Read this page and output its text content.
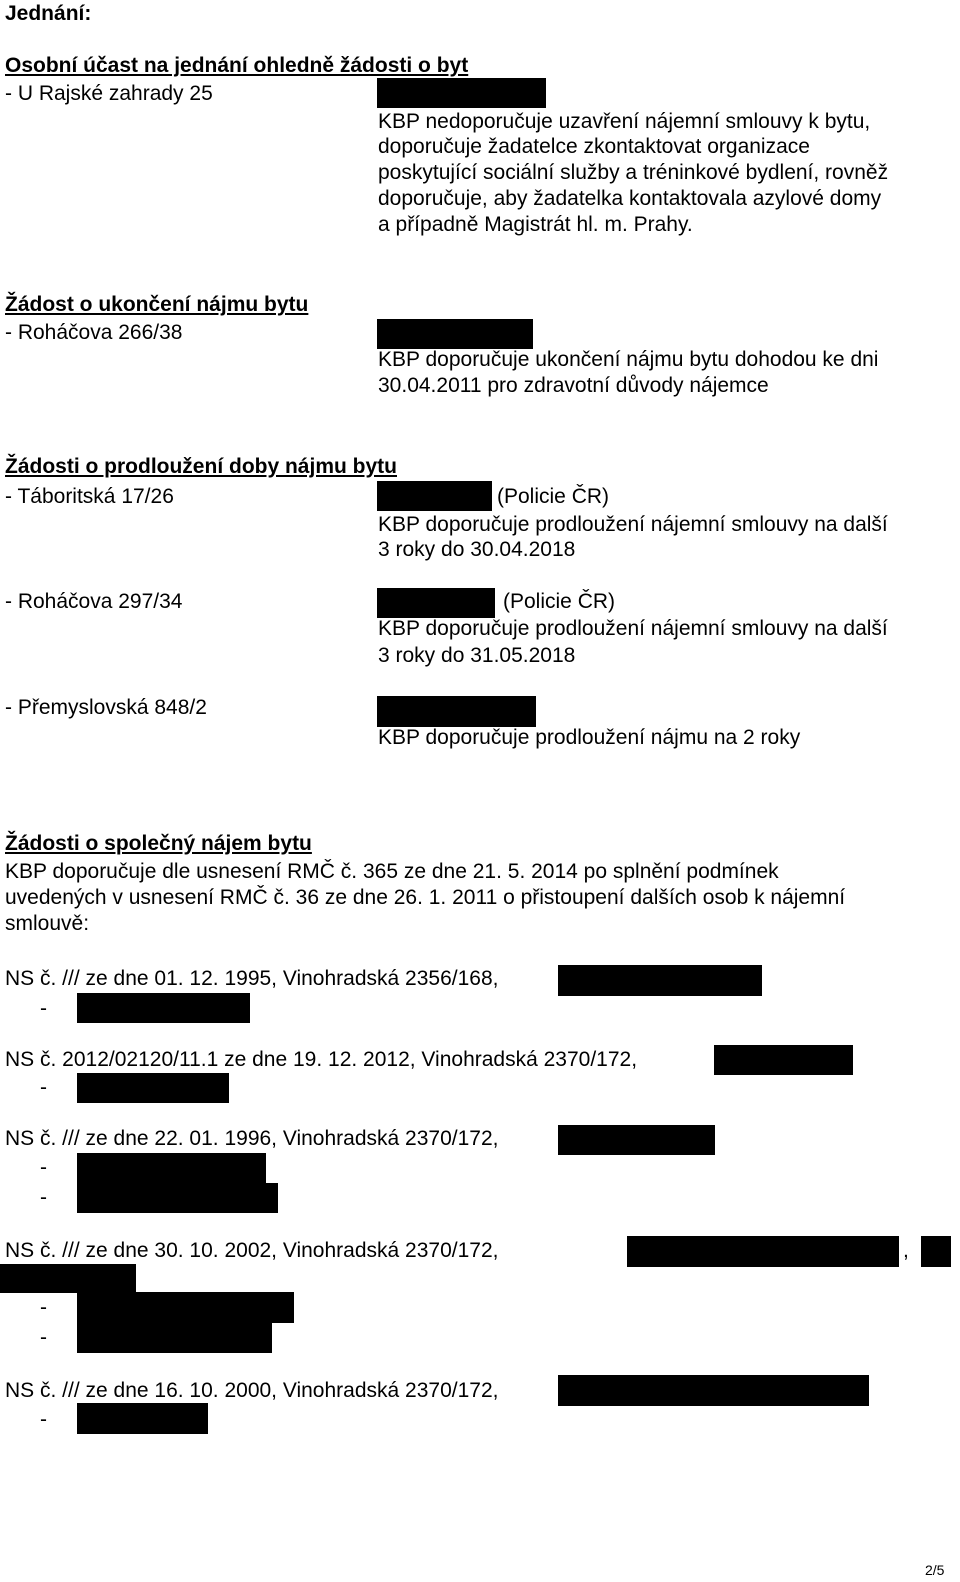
Jednání:
Osobní účast na jednání ohledně žádosti o byt
- U Rajské zahrady 25
KBP nedoporučuje uzavření nájemní smlouvy k bytu,
doporučuje žadatelce zkontaktovat organizace
poskytující sociální služby a tréninkové bydlení, rovněž
doporučuje, aby žadatelka kontaktovala azylové domy
a případně Magistrát hl. m. Prahy.
Žádost o ukončení nájmu bytu
- Roháčova 266/38
KBP doporučuje ukončení nájmu bytu dohodou ke dni
30.04.2011 pro zdravotní důvody nájemce
Žádosti o prodloužení doby nájmu bytu
- Táboritská 17/26	(Policie ČR)
KBP doporučuje prodloužení nájemní smlouvy na další
3 roky do 30.04.2018
- Roháčova 297/34	(Policie ČR)
KBP doporučuje prodloužení nájemní smlouvy na další
3 roky do 31.05.2018
- Přemyslovská 848/2
KBP doporučuje prodloužení nájmu na 2 roky
Žádosti o společný nájem bytu
KBP doporučuje dle usnesení RMČ č. 365 ze dne 21. 5. 2014 po splnění podmínek
uvedených v usnesení RMČ č. 36 ze dne 26. 1. 2011 o přistoupení dalších osob k nájemní
smlouvě:
NS č. /// ze dne 01. 12. 1995, Vinohradská 2356/168,
-
NS č. 2012/02120/11.1 ze dne 19. 12. 2012, Vinohradská 2370/172,
-
NS č. /// ze dne 22. 01. 1996, Vinohradská 2370/172,
-
-
NS č. /// ze dne 30. 10. 2002, Vinohradská 2370/172,	,
-
-
NS č. /// ze dne 16. 10. 2000, Vinohradská 2370/172,
-
2/5
